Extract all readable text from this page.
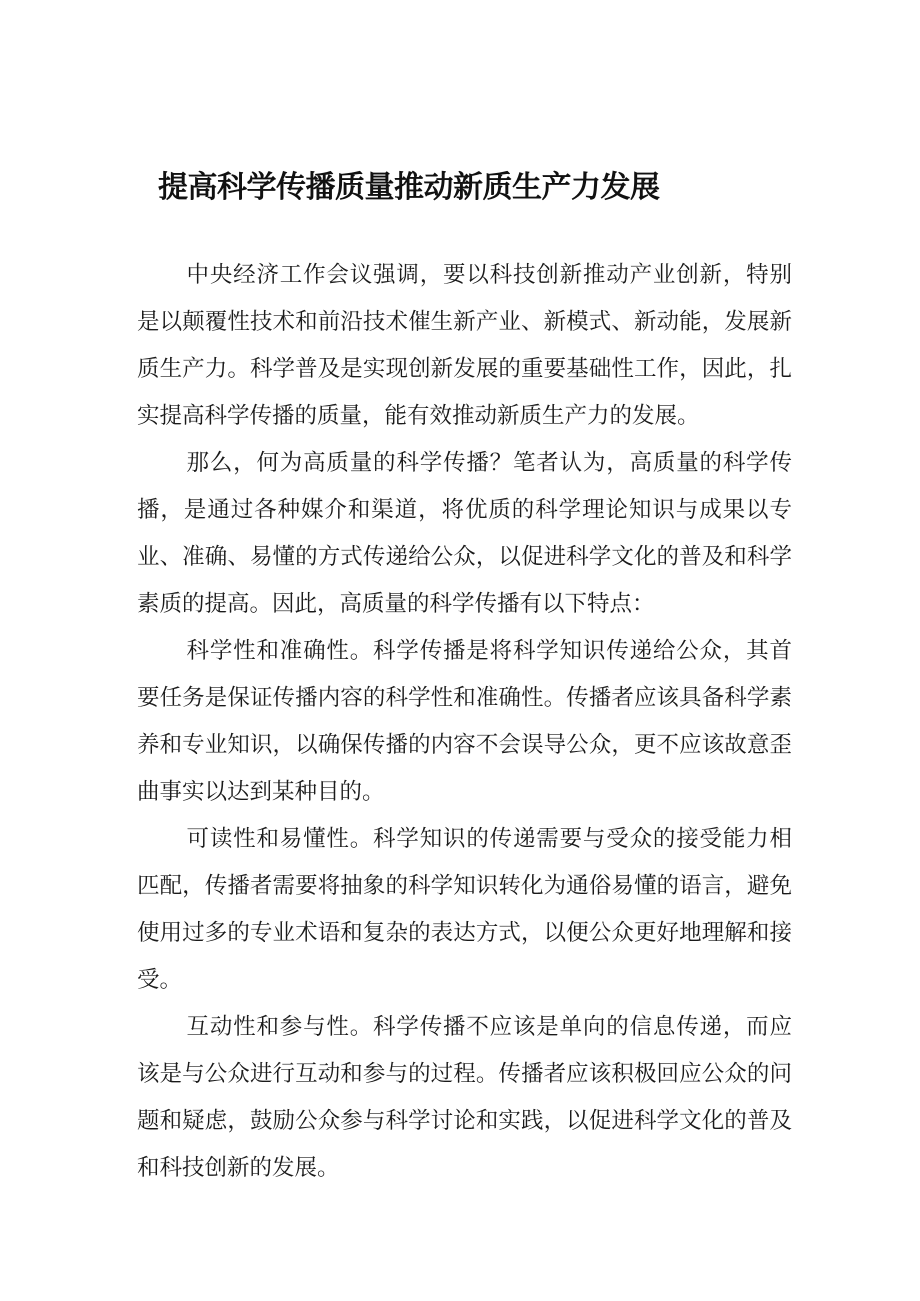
提高科学传播质量推动新质生产力发展

中央经济工作会议强调，要以科技创新推动产业创新，特别是以颠覆性技术和前沿技术催生新产业、新模式、新动能，发展新质生产力。科学普及是实现创新发展的重要基础性工作，因此，扎实提高科学传播的质量，能有效推动新质生产力的发展。

那么，何为高质量的科学传播？笔者认为，高质量的科学传播，是通过各种媒介和渠道，将优质的科学理论知识与成果以专业、准确、易懂的方式传递给公众，以促进科学文化的普及和科学素质的提高。因此，高质量的科学传播有以下特点：

科学性和准确性。科学传播是将科学知识传递给公众，其首要任务是保证传播内容的科学性和准确性。传播者应该具备科学素养和专业知识，以确保传播的内容不会误导公众，更不应该故意歪曲事实以达到某种目的。

可读性和易懂性。科学知识的传递需要与受众的接受能力相匹配，传播者需要将抽象的科学知识转化为通俗易懂的语言，避免使用过多的专业术语和复杂的表达方式，以便公众更好地理解和接受。

互动性和参与性。科学传播不应该是单向的信息传递，而应该是与公众进行互动和参与的过程。传播者应该积极回应公众的问题和疑虑，鼓励公众参与科学讨论和实践，以促进科学文化的普及和科技创新的发展。
